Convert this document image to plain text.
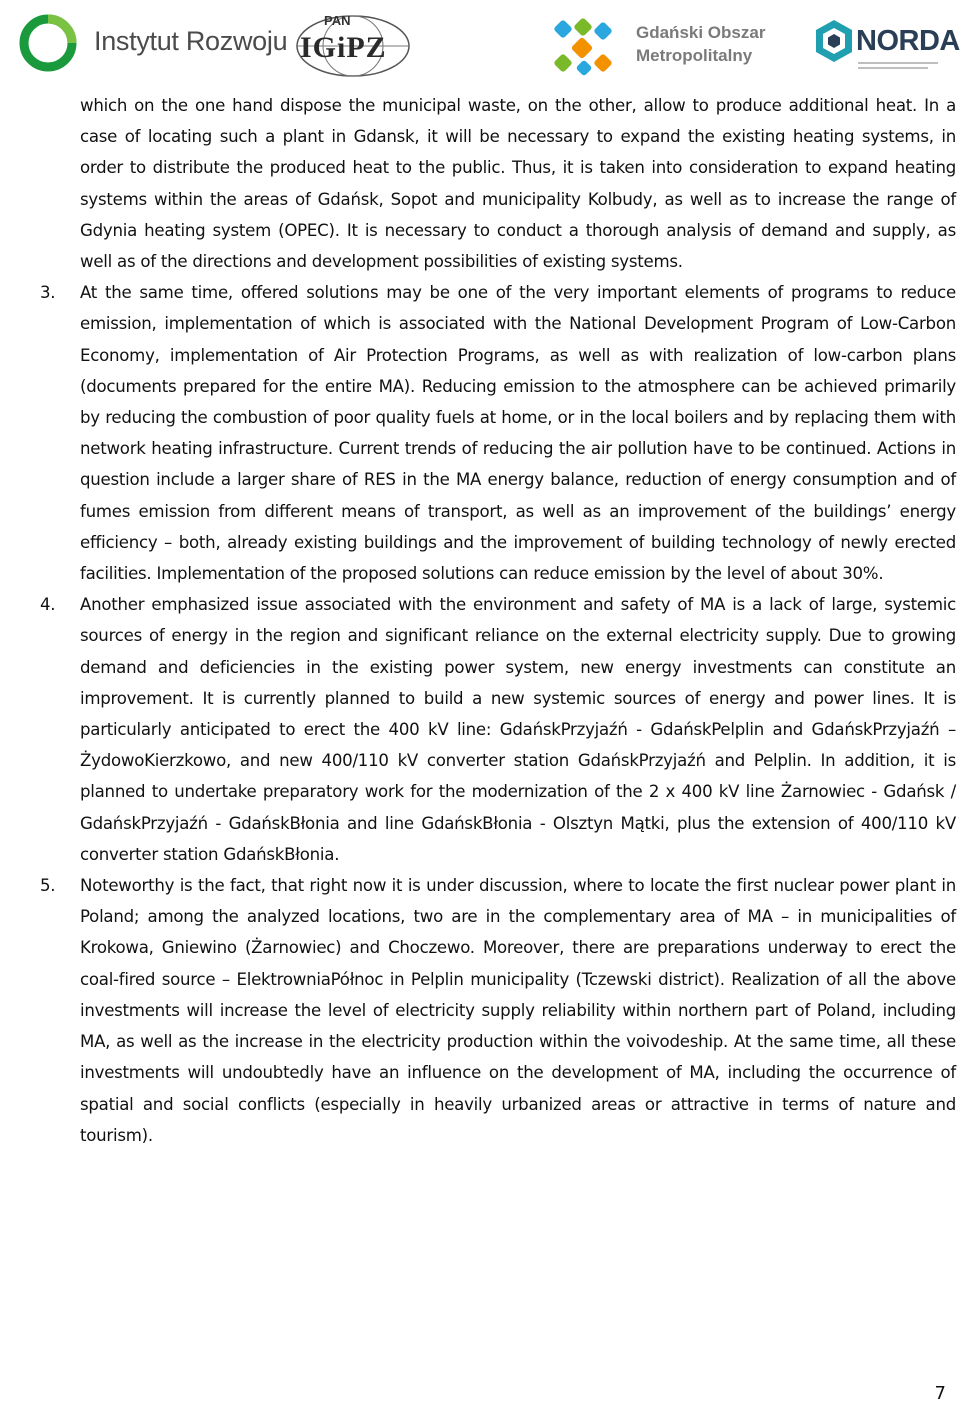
Instytut Rozwoju
PAN
IGiPZ	Gdański Obszar
Metropolitalny	NORDA

which on the one hand dispose the municipal waste, on the other, allow to produce additional heat. In a case of locating such a plant in Gdansk, it will be necessary to expand the existing heating systems, in order to distribute the produced heat to the public. Thus, it is taken into consideration to expand heating systems within the areas of Gdańsk, Sopot and municipality Kolbudy, as well as to increase the range of Gdynia heating system (OPEC). It is necessary to conduct a thorough analysis of demand and supply, as well as of the directions and development possibilities of existing systems.

3. At the same time, offered solutions may be one of the very important elements of programs to reduce emission, implementation of which is associated with the National Development Program of Low-Carbon Economy, implementation of Air Protection Programs, as well as with realization of low-carbon plans (documents prepared for the entire MA). Reducing emission to the atmosphere can be achieved primarily by reducing the combustion of poor quality fuels at home, or in the local boilers and by replacing them with network heating infrastructure. Current trends of reducing the air pollution have to be continued. Actions in question include a larger share of RES in the MA energy balance, reduction of energy consumption and of fumes emission from different means of transport, as well as an improvement of the buildings’ energy efficiency – both, already existing buildings and the improvement of building technology of newly erected facilities. Implementation of the proposed solutions can reduce emission by the level of about 30%.

4. Another emphasized issue associated with the environment and safety of MA is a lack of large, systemic sources of energy in the region and significant reliance on the external electricity supply. Due to growing demand and deficiencies in the existing power system, new energy investments can constitute an improvement. It is currently planned to build a new systemic sources of energy and power lines. It is particularly anticipated to erect the 400 kV line: GdańskPrzyjaźń - GdańskPelplin and GdańskPrzyjaźń – ŻydowoKierzkowo, and new 400/110 kV converter station GdańskPrzyjaźń and Pelplin. In addition, it is planned to undertake preparatory work for the modernization of the 2 x 400 kV line Żarnowiec - Gdańsk / GdańskPrzyjaźń - GdańskBłonia and line GdańskBłonia - Olsztyn Mątki, plus the extension of 400/110 kV converter station GdańskBłonia.

5. Noteworthy is the fact, that right now it is under discussion, where to locate the first nuclear power plant in Poland; among the analyzed locations, two are in the complementary area of MA – in municipalities of Krokowa, Gniewino (Żarnowiec) and Choczewo. Moreover, there are preparations underway to erect the coal-fired source – ElektrowniaPółnoc in Pelplin municipality (Tczewski district). Realization of all the above investments will increase the level of electricity supply reliability within northern part of Poland, including MA, as well as the increase in the electricity production within the voivodeship. At the same time, all these investments will undoubtedly have an influence on the development of MA, including the occurrence of spatial and social conflicts (especially in heavily urbanized areas or attractive in terms of nature and tourism).

7
